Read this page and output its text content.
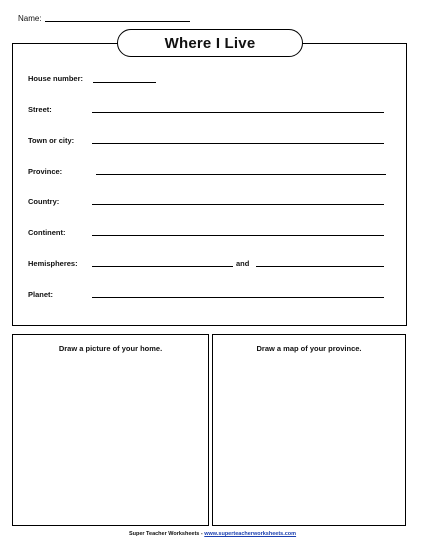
Name:
Where I Live
House number:
Street:
Town or city:
Province:
Country:
Continent:
Hemispheres:	and
Planet:
Draw a picture of your home.	Draw a map of your province.
Super Teacher Worksheets - www.superteacherworksheets.com
